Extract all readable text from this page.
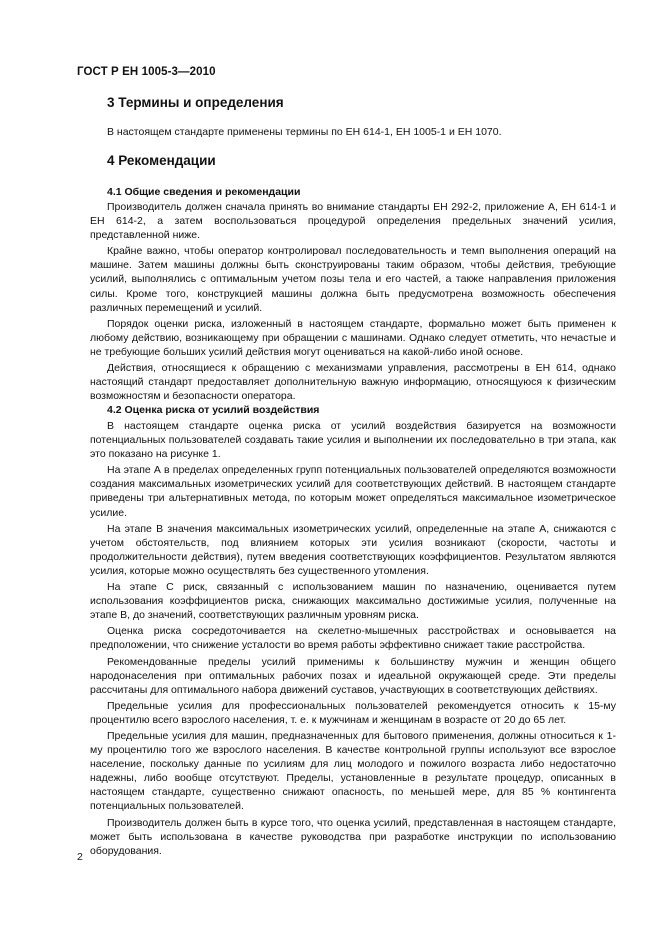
ГОСТ Р ЕН 1005-3—2010
3 Термины и определения
В настоящем стандарте применены термины по ЕН 614-1, ЕН 1005-1 и ЕН 1070.
4 Рекомендации
4.1 Общие сведения и рекомендации

Производитель должен сначала принять во внимание стандарты ЕН 292-2, приложение А, ЕН 614-1 и ЕН 614-2, а затем воспользоваться процедурой определения предельных значений усилия, представленной ниже.

Крайне важно, чтобы оператор контролировал последовательность и темп выполнения операций на машине. Затем машины должны быть сконструированы таким образом, чтобы действия, требующие усилий, выполнялись с оптимальным учетом позы тела и его частей, а также направления приложения силы. Кроме того, конструкцией машины должна быть предусмотрена возможность обеспечения различных перемещений и усилий.

Порядок оценки риска, изложенный в настоящем стандарте, формально может быть применен к любому действию, возникающему при обращении с машинами. Однако следует отметить, что нечастые и не требующие больших усилий действия могут оцениваться на какой-либо иной основе.

Действия, относящиеся к обращению с механизмами управления, рассмотрены в ЕН 614, однако настоящий стандарт предоставляет дополнительную важную информацию, относящуюся к физическим возможностям и безопасности оператора.

4.2 Оценка риска от усилий воздействия

В настоящем стандарте оценка риска от усилий воздействия базируется на возможности потенциальных пользователей создавать такие усилия и выполнении их последовательно в три этапа, как это показано на рисунке 1.

На этапе А в пределах определенных групп потенциальных пользователей определяются возможности создания максимальных изометрических усилий для соответствующих действий. В настоящем стандарте приведены три альтернативных метода, по которым может определяться максимальное изометрическое усилие.

На этапе В значения максимальных изометрических усилий, определенные на этапе А, снижаются с учетом обстоятельств, под влиянием которых эти усилия возникают (скорости, частоты и продолжительности действия), путем введения соответствующих коэффициентов. Результатом являются усилия, которые можно осуществлять без существенного утомления.

На этапе С риск, связанный с использованием машин по назначению, оценивается путем использования коэффициентов риска, снижающих максимально достижимые усилия, полученные на этапе В, до значений, соответствующих различным уровням риска.

Оценка риска сосредоточивается на скелетно-мышечных расстройствах и основывается на предположении, что снижение усталости во время работы эффективно снижает такие расстройства.

Рекомендованные пределы усилий применимы к большинству мужчин и женщин общего народонаселения при оптимальных рабочих позах и идеальной окружающей среде. Эти пределы рассчитаны для оптимального набора движений суставов, участвующих в соответствующих действиях.

Предельные усилия для профессиональных пользователей рекомендуется относить к 15-му процентилю всего взрослого населения, т. е. к мужчинам и женщинам в возрасте от 20 до 65 лет.

Предельные усилия для машин, предназначенных для бытового применения, должны относиться к 1-му процентилю того же взрослого населения. В качестве контрольной группы используют все взрослое население, поскольку данные по усилиям для лиц молодого и пожилого возраста либо недостаточно надежны, либо вообще отсутствуют. Пределы, установленные в результате процедур, описанных в настоящем стандарте, существенно снижают опасность, по меньшей мере, для 85 % контингента потенциальных пользователей.

Производитель должен быть в курсе того, что оценка усилий, представленная в настоящем стандарте, может быть использована в качестве руководства при разработке инструкции по использованию оборудования.

2
